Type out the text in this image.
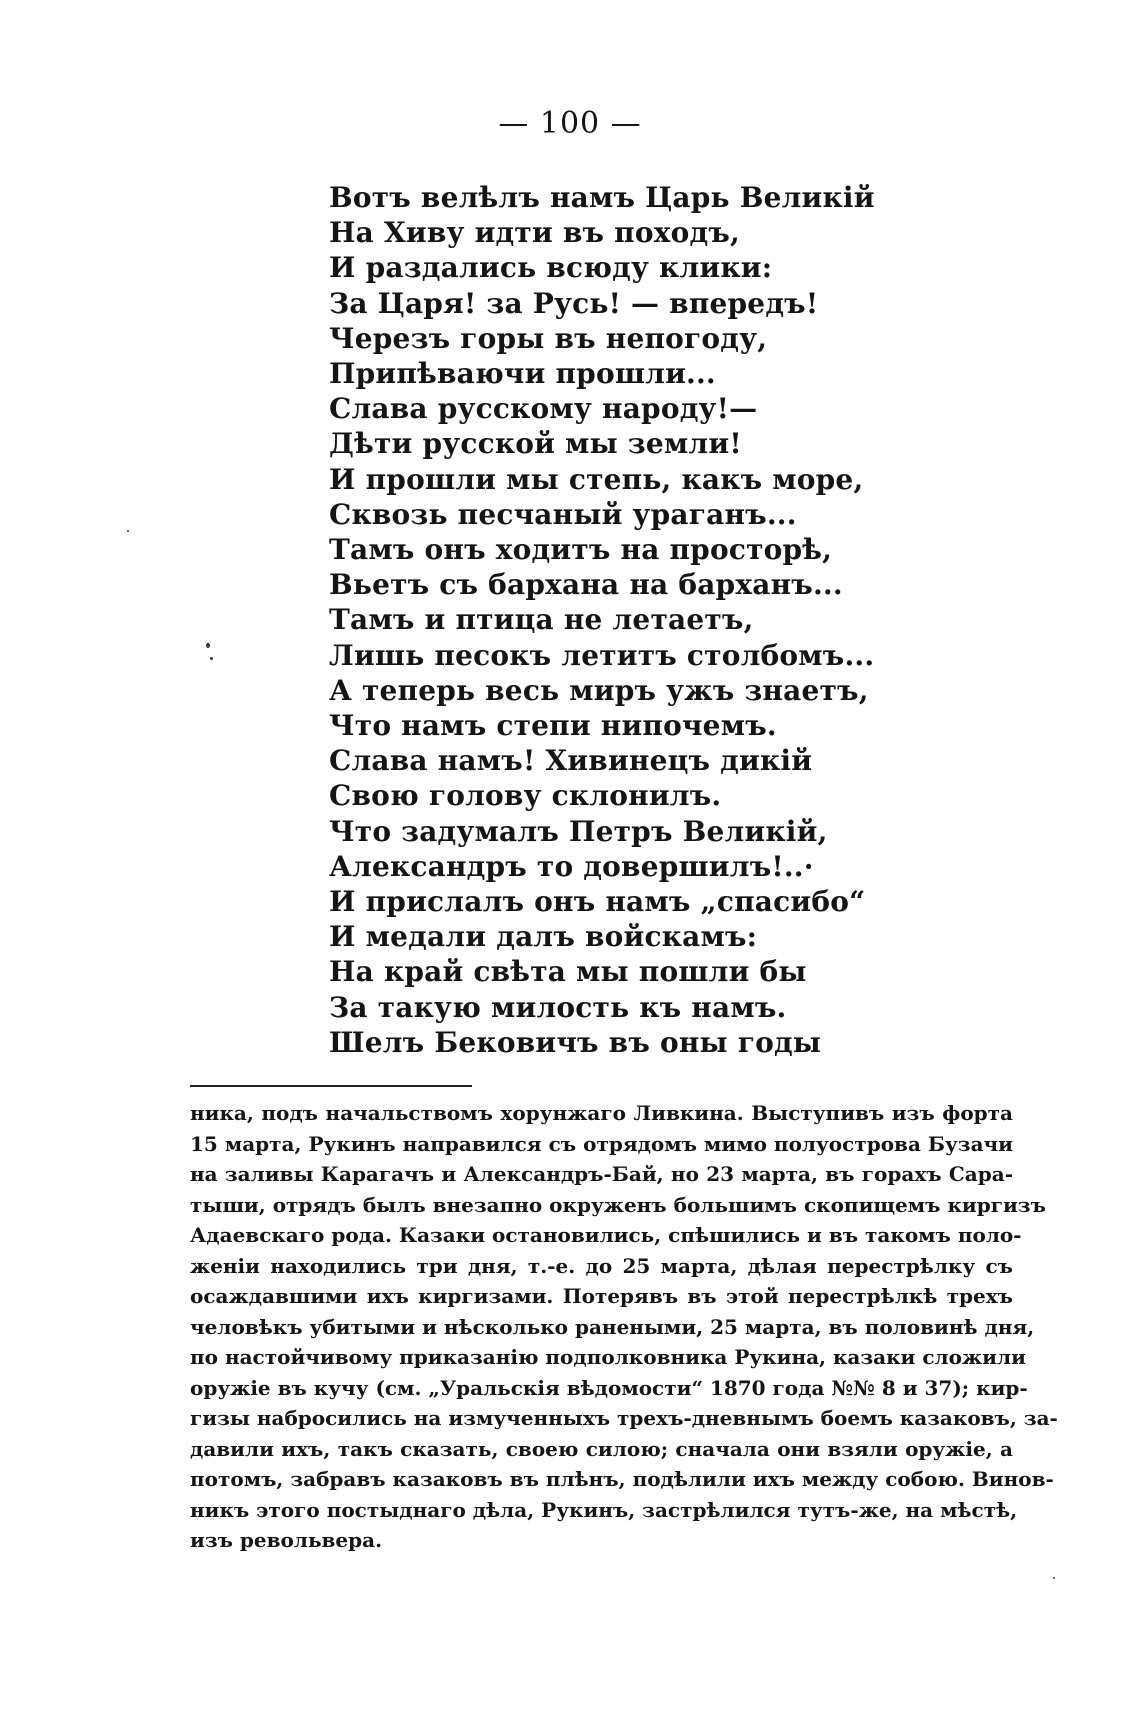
— 100 —
Вотъ велѣлъ намъ Царь Великій
На Хиву идти въ походъ,
И раздались всюду клики:
За Царя! за Русь! — впередъ!
Черезъ горы въ непогоду,
Припѣваючи прошли...
Слава русскому народу!—
Дѣти русской мы земли!
И прошли мы степь, какъ море,
Сквозь песчаный ураганъ...
Тамъ онъ ходитъ на просторѣ,
Вьетъ съ бархана на барханъ...
Тамъ и птица не летаетъ,
Лишь песокъ летитъ столбомъ...
А теперь весь миръ ужъ знаетъ,
Что намъ степи нипочемъ.
Слава намъ! Хивинецъ дикій
Свою голову склонилъ.
Что задумалъ Петръ Великій,
Александръ то довершилъ!..·
И прислалъ онъ намъ „спасибо“
И медали далъ войскамъ:
На край свѣта мы пошли бы
За такую милость къ намъ.
Шелъ Бековичъ въ оны годы
ника, подъ начальствомъ хорунжаго Ливкина. Выступивъ изъ форта
15 марта, Рукинъ направился съ отрядомъ мимо полуострова Бузачи
на заливы Карагачъ и Александръ-Бай, но 23 марта, въ горахъ Сара-
тыши, отрядъ былъ внезапно окруженъ большимъ скопищемъ киргизъ
Адаевскаго рода. Казаки остановились, спѣшились и въ такомъ поло-
женіи находились три дня, т.-е. до 25 марта, дѣлая перестрѣлку съ
осаждавшими ихъ киргизами. Потерявъ въ этой перестрѣлкѣ трехъ
человѣкъ убитыми и нѣсколько ранеными, 25 марта, въ половинѣ дня,
по настойчивому приказанію подполковника Рукина, казаки сложили
оружіе въ кучу (см. „Уральскія вѣдомости“ 1870 года №№ 8 и 37); кир-
гизы набросились на измученныхъ трехъ-дневнымъ боемъ казаковъ, за-
давили ихъ, такъ сказать, своею силою; сначала они взяли оружіе, а
потомъ, забравъ казаковъ въ плѣнъ, подѣлили ихъ между собою. Винов-
никъ этого постыднаго дѣла, Рукинъ, застрѣлился тутъ-же, на мѣстѣ,
изъ револьвера.
